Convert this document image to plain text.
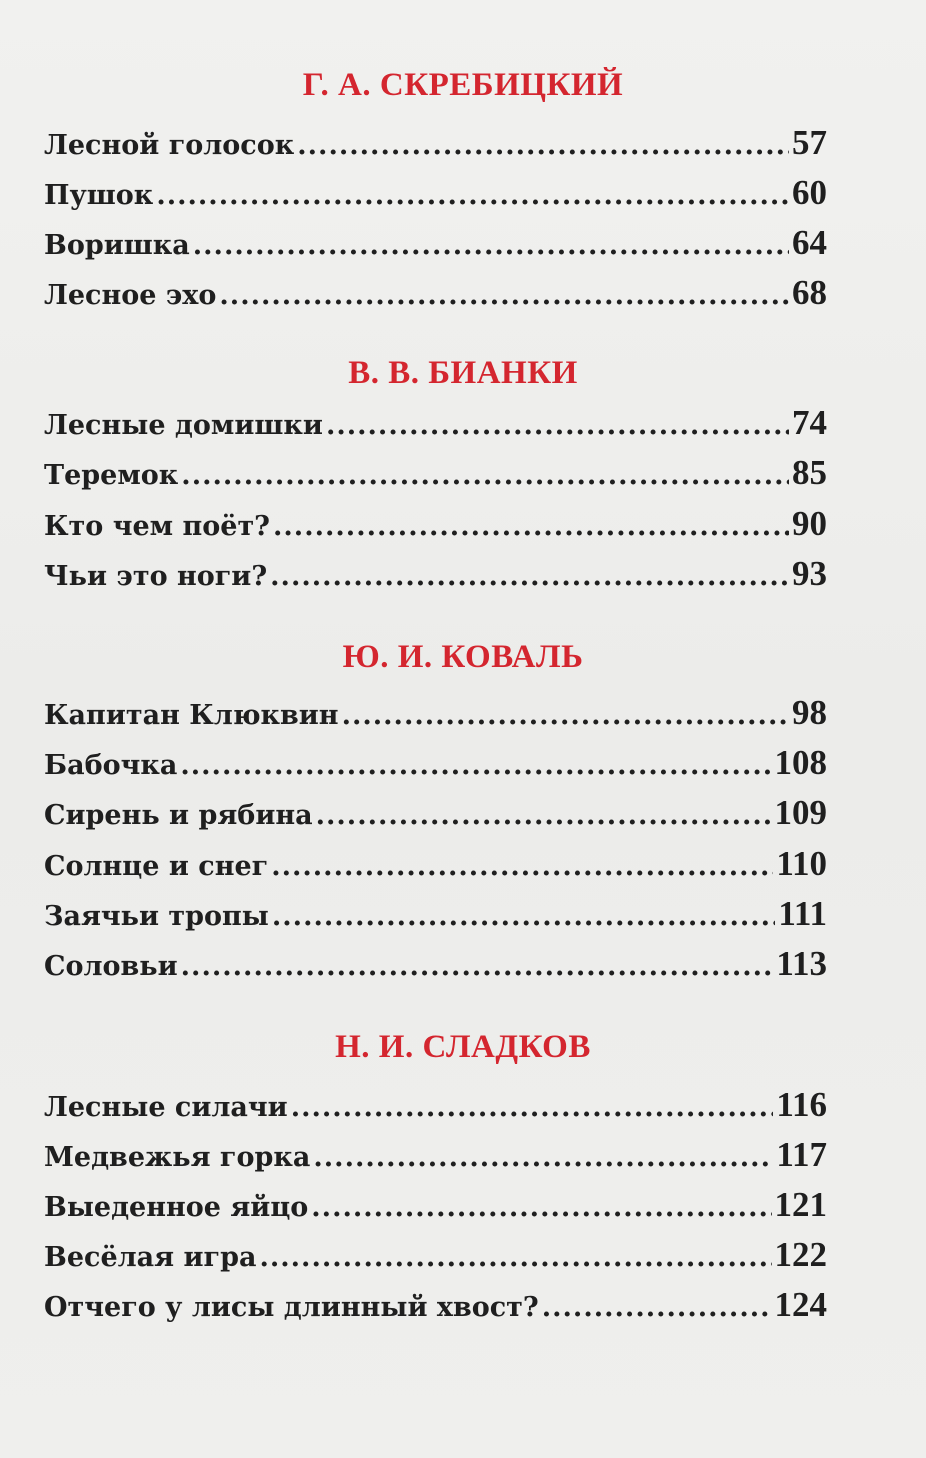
Г. А. СКРЕБИЦКИЙ
Лесной голосок .....	57
Пушок .....	60
Воришка .....	64
Лесное эхо .....	68
В. В. БИАНКИ
Лесные домишки .....	74
Теремок .....	85
Кто чем поёт? .....	90
Чьи это ноги? .....	93
Ю. И. КОВАЛЬ
Капитан Клюквин .....	98
Бабочка .....	108
Сирень и рябина .....	109
Солнце и снег .....	110
Заячьи тропы .....	111
Соловьи .....	113
Н. И. СЛАДКОВ
Лесные силачи .....	116
Медвежья горка .....	117
Выеденное яйцо .....	121
Весёлая игра .....	122
Отчего у лисы длинный хвост? .....	124
